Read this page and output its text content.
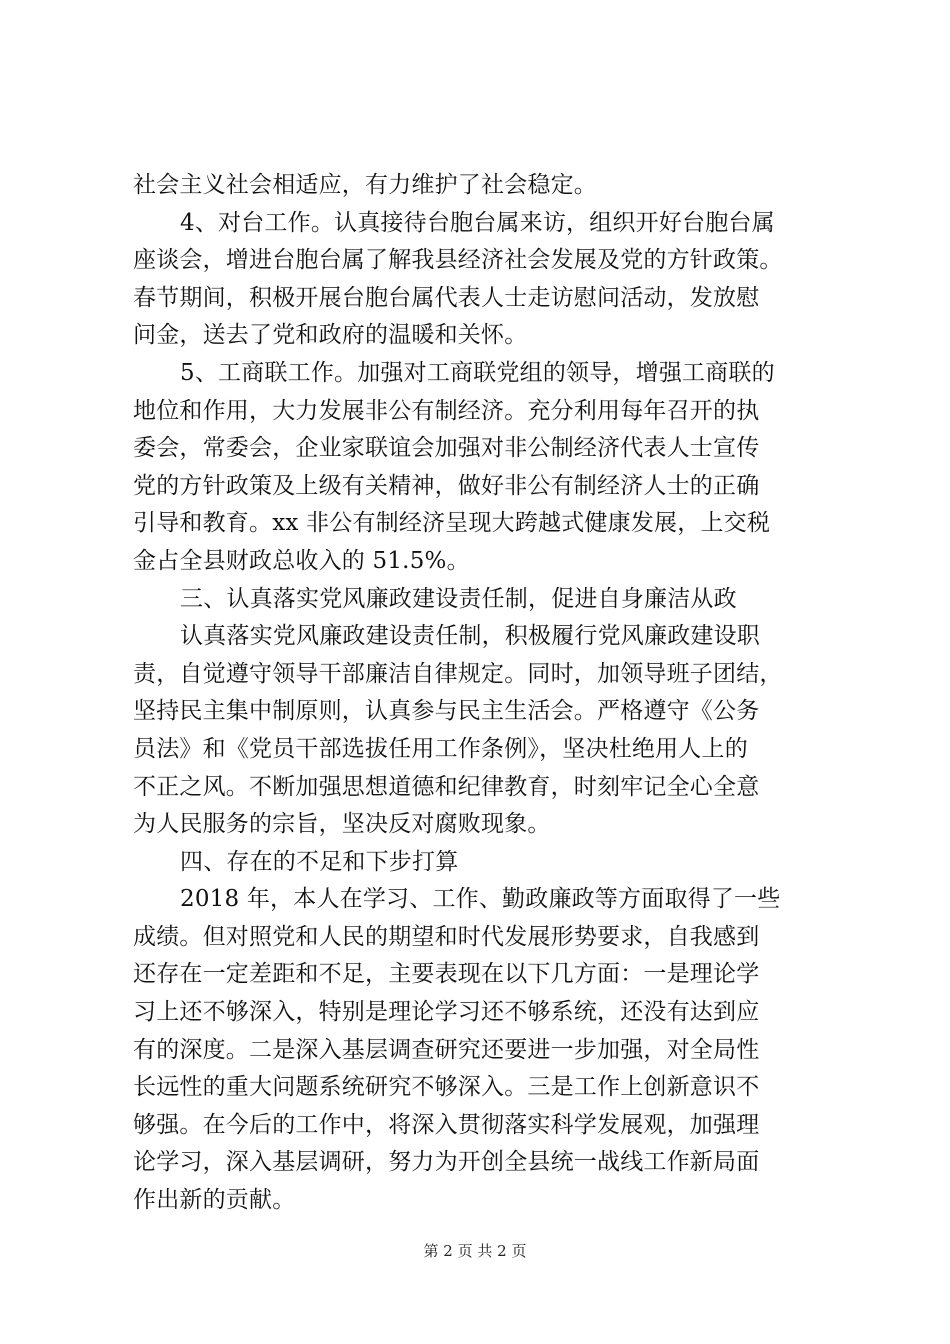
社会主义社会相适应，有力维护了社会稳定。
4、对台工作。认真接待台胞台属来访，组织开好台胞台属
座谈会，增进台胞台属了解我县经济社会发展及党的方针政策。
春节期间，积极开展台胞台属代表人士走访慰问活动，发放慰
问金，送去了党和政府的温暖和关怀。
5、工商联工作。加强对工商联党组的领导，增强工商联的
地位和作用，大力发展非公有制经济。充分利用每年召开的执
委会，常委会，企业家联谊会加强对非公制经济代表人士宣传
党的方针政策及上级有关精神，做好非公有制经济人士的正确
引导和教育。xx 非公有制经济呈现大跨越式健康发展，上交税
金占全县财政总收入的 51.5%。
三、认真落实党风廉政建设责任制，促进自身廉洁从政
认真落实党风廉政建设责任制，积极履行党风廉政建设职
责，自觉遵守领导干部廉洁自律规定。同时，加领导班子团结，
坚持民主集中制原则，认真参与民主生活会。严格遵守《公务
员法》和《党员干部选拔任用工作条例》，坚决杜绝用人上的
不正之风。不断加强思想道德和纪律教育，时刻牢记全心全意
为人民服务的宗旨，坚决反对腐败现象。
四、存在的不足和下步打算
2018 年，本人在学习、工作、勤政廉政等方面取得了一些
成绩。但对照党和人民的期望和时代发展形势要求，自我感到
还存在一定差距和不足，主要表现在以下几方面：一是理论学
习上还不够深入，特别是理论学习还不够系统，还没有达到应
有的深度。二是深入基层调查研究还要进一步加强，对全局性
长远性的重大问题系统研究不够深入。三是工作上创新意识不
够强。在今后的工作中，将深入贯彻落实科学发展观，加强理
论学习，深入基层调研，努力为开创全县统一战线工作新局面
作出新的贡献。
第 2 页 共 2 页
